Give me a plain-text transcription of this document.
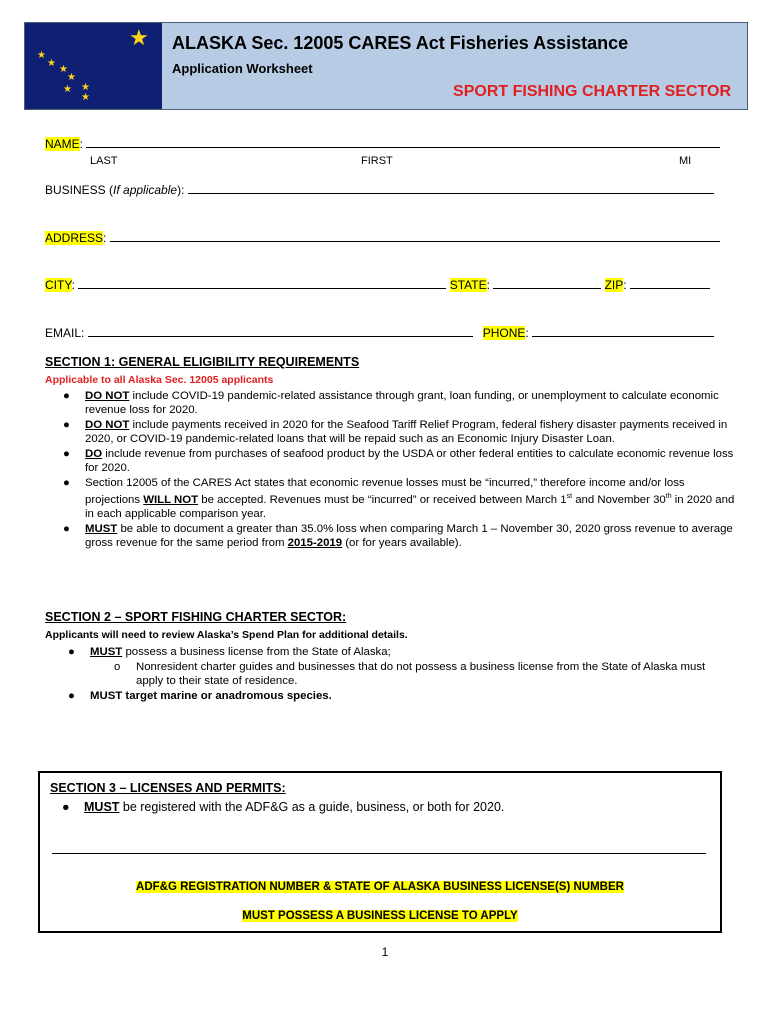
★
★
★
★
★
★ ★
★
ALASKA Sec. 12005 CARES Act Fisheries Assistance
Application Worksheet
SPORT FISHING CHARTER SECTOR
NAME:
LAST	FIRST	MI
BUSINESS (If applicable):
ADDRESS:
CITY:	STATE:	ZIP:
EMAIL:	PHONE:
SECTION 1: GENERAL ELIGIBILITY REQUIREMENTS
Applicable to all Alaska Sec. 12005 applicants
● DO NOT include COVID-19 pandemic-related assistance through grant, loan funding, or unemployment to calculate economic revenue loss for 2020.
● DO NOT include payments received in 2020 for the Seafood Tariff Relief Program, federal fishery disaster payments received in 2020, or COVID-19 pandemic-related loans that will be repaid such as an Economic Injury Disaster Loan.
● DO include revenue from purchases of seafood product by the USDA or other federal entities to calculate economic revenue loss for 2020.
● Section 12005 of the CARES Act states that economic revenue losses must be “incurred,” therefore income and/or loss projections WILL NOT be accepted. Revenues must be “incurred” or received between March 1st and November 30th in 2020 and in each applicable comparison year.
● MUST be able to document a greater than 35.0% loss when comparing March 1 – November 30, 2020 gross revenue to average gross revenue for the same period from 2015-2019 (or for years available).
SECTION 2 – SPORT FISHING CHARTER SECTOR:
Applicants will need to review Alaska’s Spend Plan for additional details.
● MUST possess a business license from the State of Alaska;
o Nonresident charter guides and businesses that do not possess a business license from the State of Alaska must apply to their state of residence.
● MUST target marine or anadromous species.
SECTION 3 – LICENSES AND PERMITS:
● MUST be registered with the ADF&G as a guide, business, or both for 2020.
ADF&G REGISTRATION NUMBER & STATE OF ALASKA BUSINESS LICENSE(S) NUMBER
MUST POSSESS A BUSINESS LICENSE TO APPLY
1
